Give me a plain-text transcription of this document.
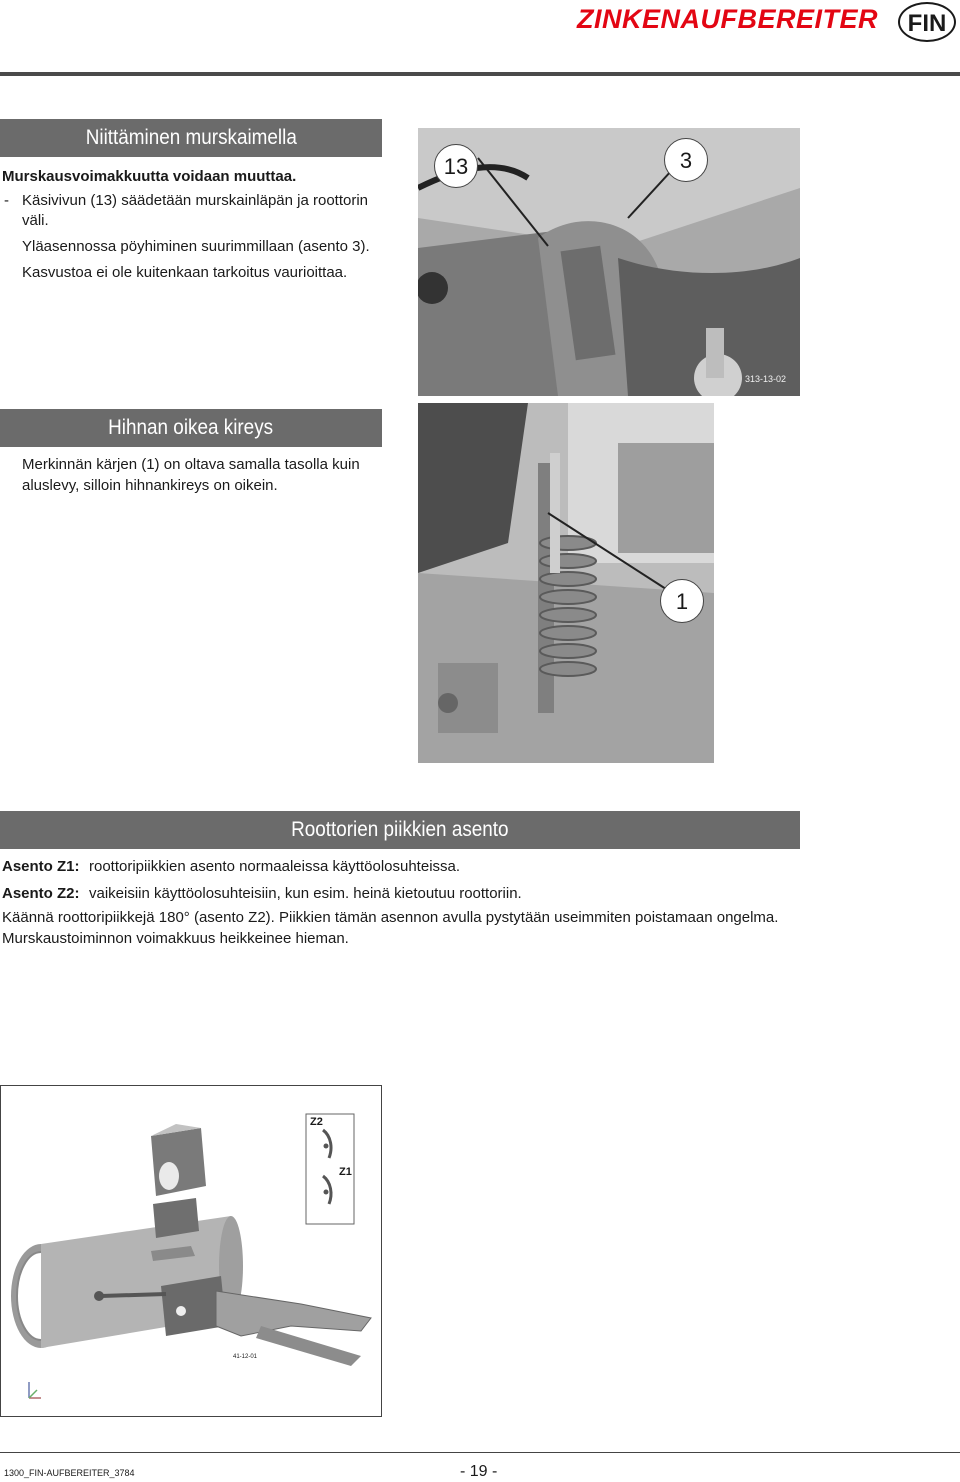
ZINKENAUFBEREITER	FIN
Niittäminen murskaimella
Murskausvoimakkuutta voidaan muuttaa.
- Käsivivun (13) säädetään murskainläpän ja roottorin
väli.
Yläasennossa pöyhiminen suurimmillaan (asento 3).
Kasvustoa ei ole kuitenkaan tarkoitus vaurioittaa.
13	3
313-13-02
Hihnan oikea kireys
Merkinnän kärjen (1) on oltava samalla tasolla kuin
aluslevy, silloin hihnankireys on oikein.
1
Roottorien piikkien asento
Asento Z1: roottoripiikkien asento normaaleissa käyttöolosuhteissa.
Asento Z2: vaikeisiin käyttöolosuhteisiin, kun esim. heinä kietoutuu roottoriin.
Käännä roottoripiikkejä 180° (asento Z2). Piikkien tämän asennon avulla pystytään useimmiten poistamaan ongelma.
Murskaustoiminnon voimakkuus heikkeinee hieman.
Z2
Z1
41-12-01
1300_FIN-AUFBEREITER_3784	- 19 -
